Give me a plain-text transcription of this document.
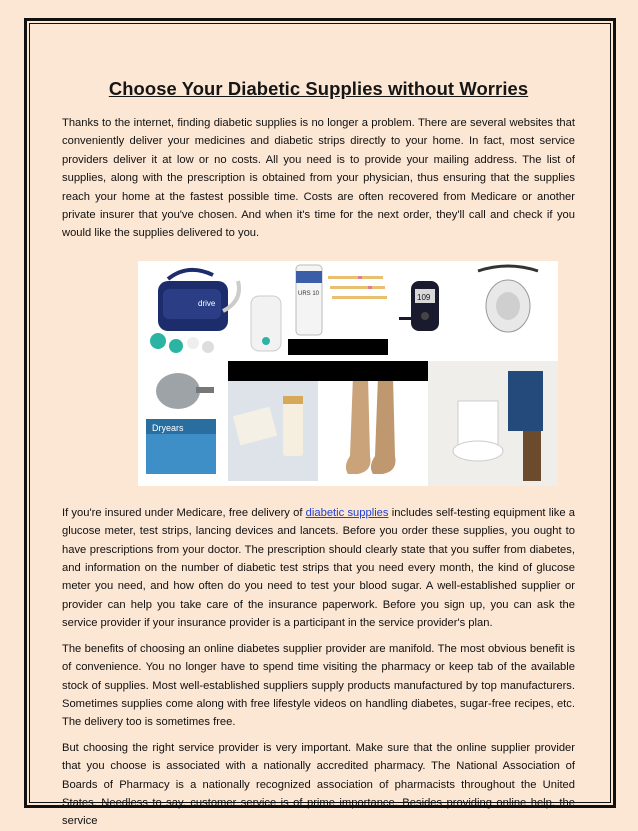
Choose Your Diabetic Supplies without Worries

Thanks to the internet, finding diabetic supplies is no longer a problem. There are several websites that conveniently deliver your medicines and diabetic strips directly to your home. In fact, most service providers deliver it at low or no costs. All you need is to provide your mailing address. The list of supplies, along with the prescription is obtained from your physician, thus ensuring that the supplies reach your home at the fastest possible time. Costs are often recovered from Medicare or another private insurer that you've chosen. And when it's time for the next order, they'll call and check if you would like the supplies delivered to you.

drive
URS 10	109
Dryears

If you're insured under Medicare, free delivery of diabetic supplies includes self-testing equipment like a glucose meter, test strips, lancing devices and lancets. Before you order these supplies, you ought to have prescriptions from your doctor. The prescription should clearly state that you suffer from diabetes, and information on the number of diabetic test strips that you need every month, the kind of glucose meter you need, and how often do you need to test your blood sugar. A well-established supplier or provider can help you take care of the insurance paperwork. Before you sign up, you can ask the service provider if your insurance provider is a participant in the service provider's plan.

The benefits of choosing an online diabetes supplier provider are manifold. The most obvious benefit is of convenience. You no longer have to spend time visiting the pharmacy or keep tab of the available stock of supplies. Most well-established suppliers supply products manufactured by top manufacturers. Sometimes supplies come along with free lifestyle videos on handling diabetes, sugar-free recipes, etc. The delivery too is sometimes free.

But choosing the right service provider is very important. Make sure that the online supplier provider that you choose is associated with a nationally accredited pharmacy. The National Association of Boards of Pharmacy is a nationally recognized association of pharmacists throughout the United States. Needless to say, customer service is of prime importance. Besides providing online help, the service
